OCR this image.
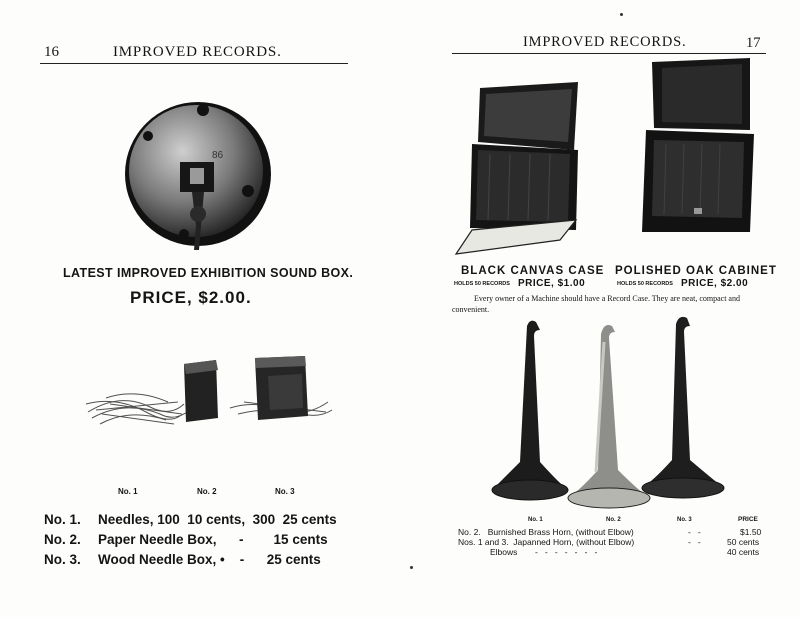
16	IMPROVED RECORDS.
86
LATEST IMPROVED EXHIBITION SOUND BOX.
PRICE, $2.00.
No. 1	No. 2	No. 3
No. 1. Needles, 100  10 cents,  300  25 cents
No. 2. Paper Needle Box,      -        15 cents
No. 3. Wood Needle Box, •    -      25 cents
IMPROVED RECORDS.	17
BLACK CANVAS CASE
HOLDS 50 RECORDS PRICE, $1.00
POLISHED OAK CABINET
HOLDS 50 RECORDS PRICE, $2.00
Every owner of a Machine should have a Record Case. They are neat, compact and convenient.
No. 1	No. 2	No. 3	PRICE
No. 2.   Burnished Brass Horn, (without Elbow)	-   -	$1.50
Nos. 1 and 3.  Japanned Horn, (without Elbow)	-   -	50 cents
Elbows -   -   -   -   -   -   -	40 cents
